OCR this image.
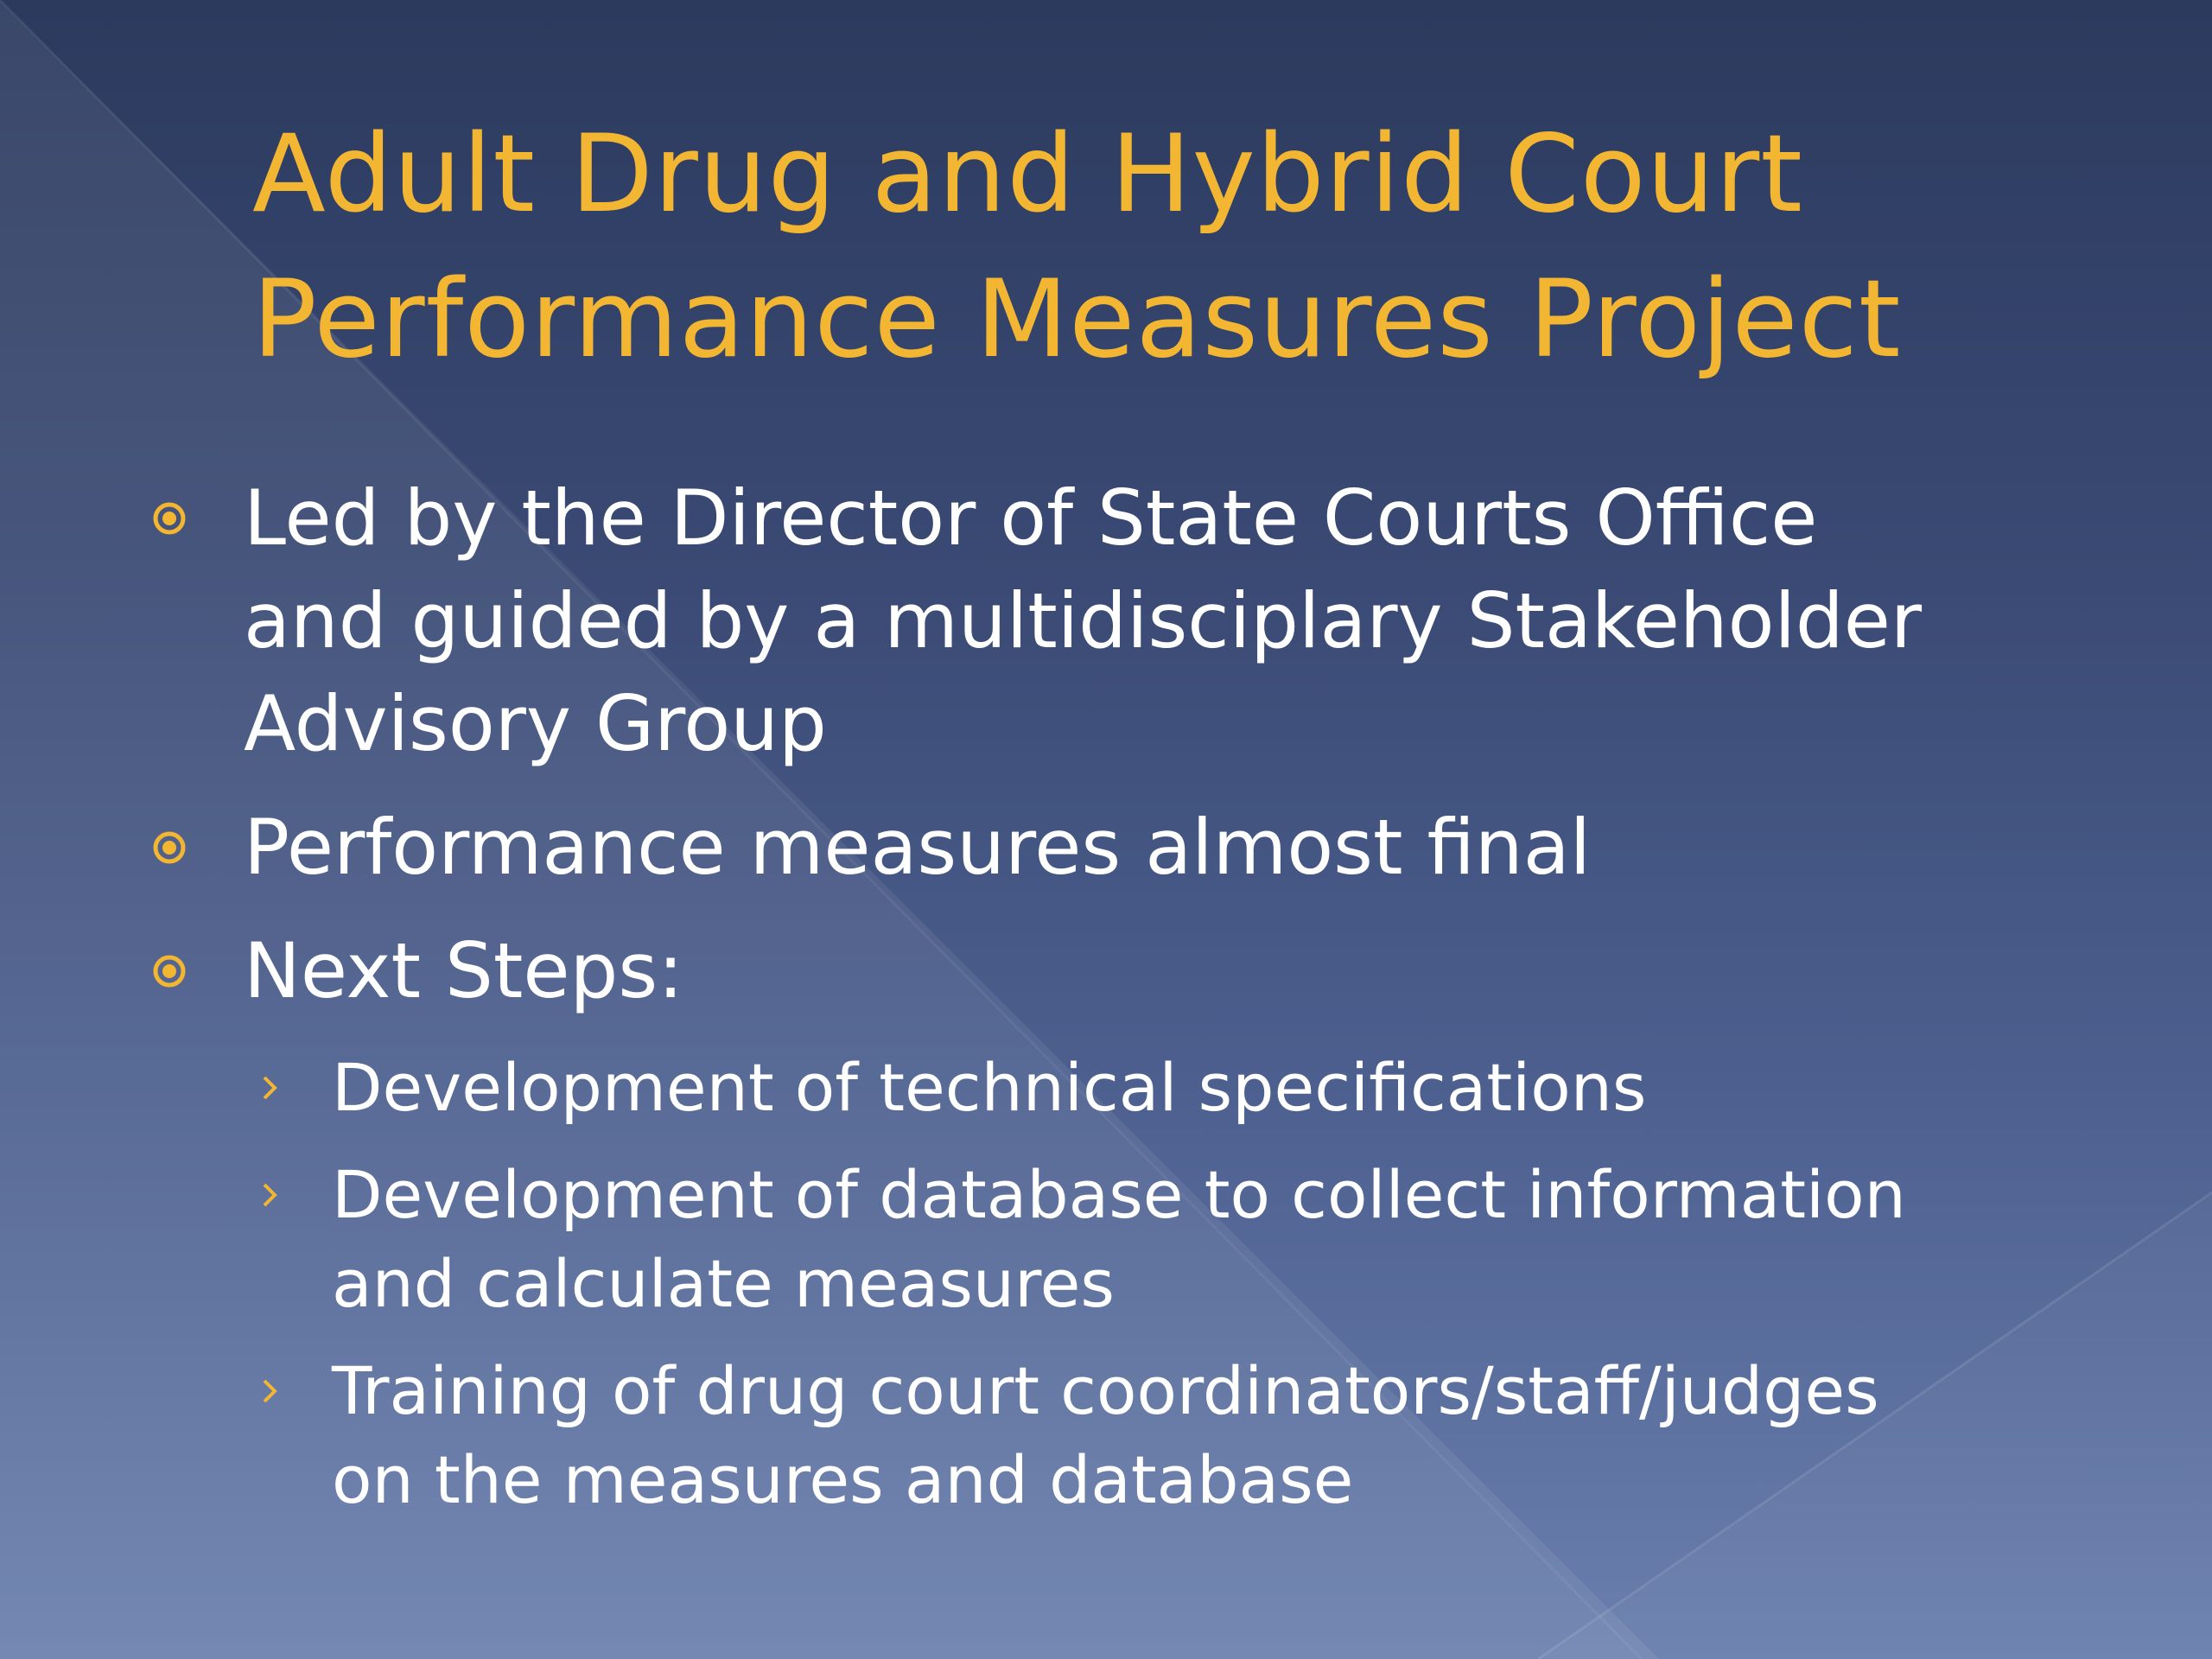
Adult Drug and Hybrid Court
Performance Measures Project
Led by the Director of State Courts Office
and guided by a multidisciplary Stakeholder
Advisory Group
Performance measures almost final
Next Steps:
Development of technical specifications
Development of database to collect information
and calculate measures
Training of drug court coordinators/staff/judges
on the measures and database
